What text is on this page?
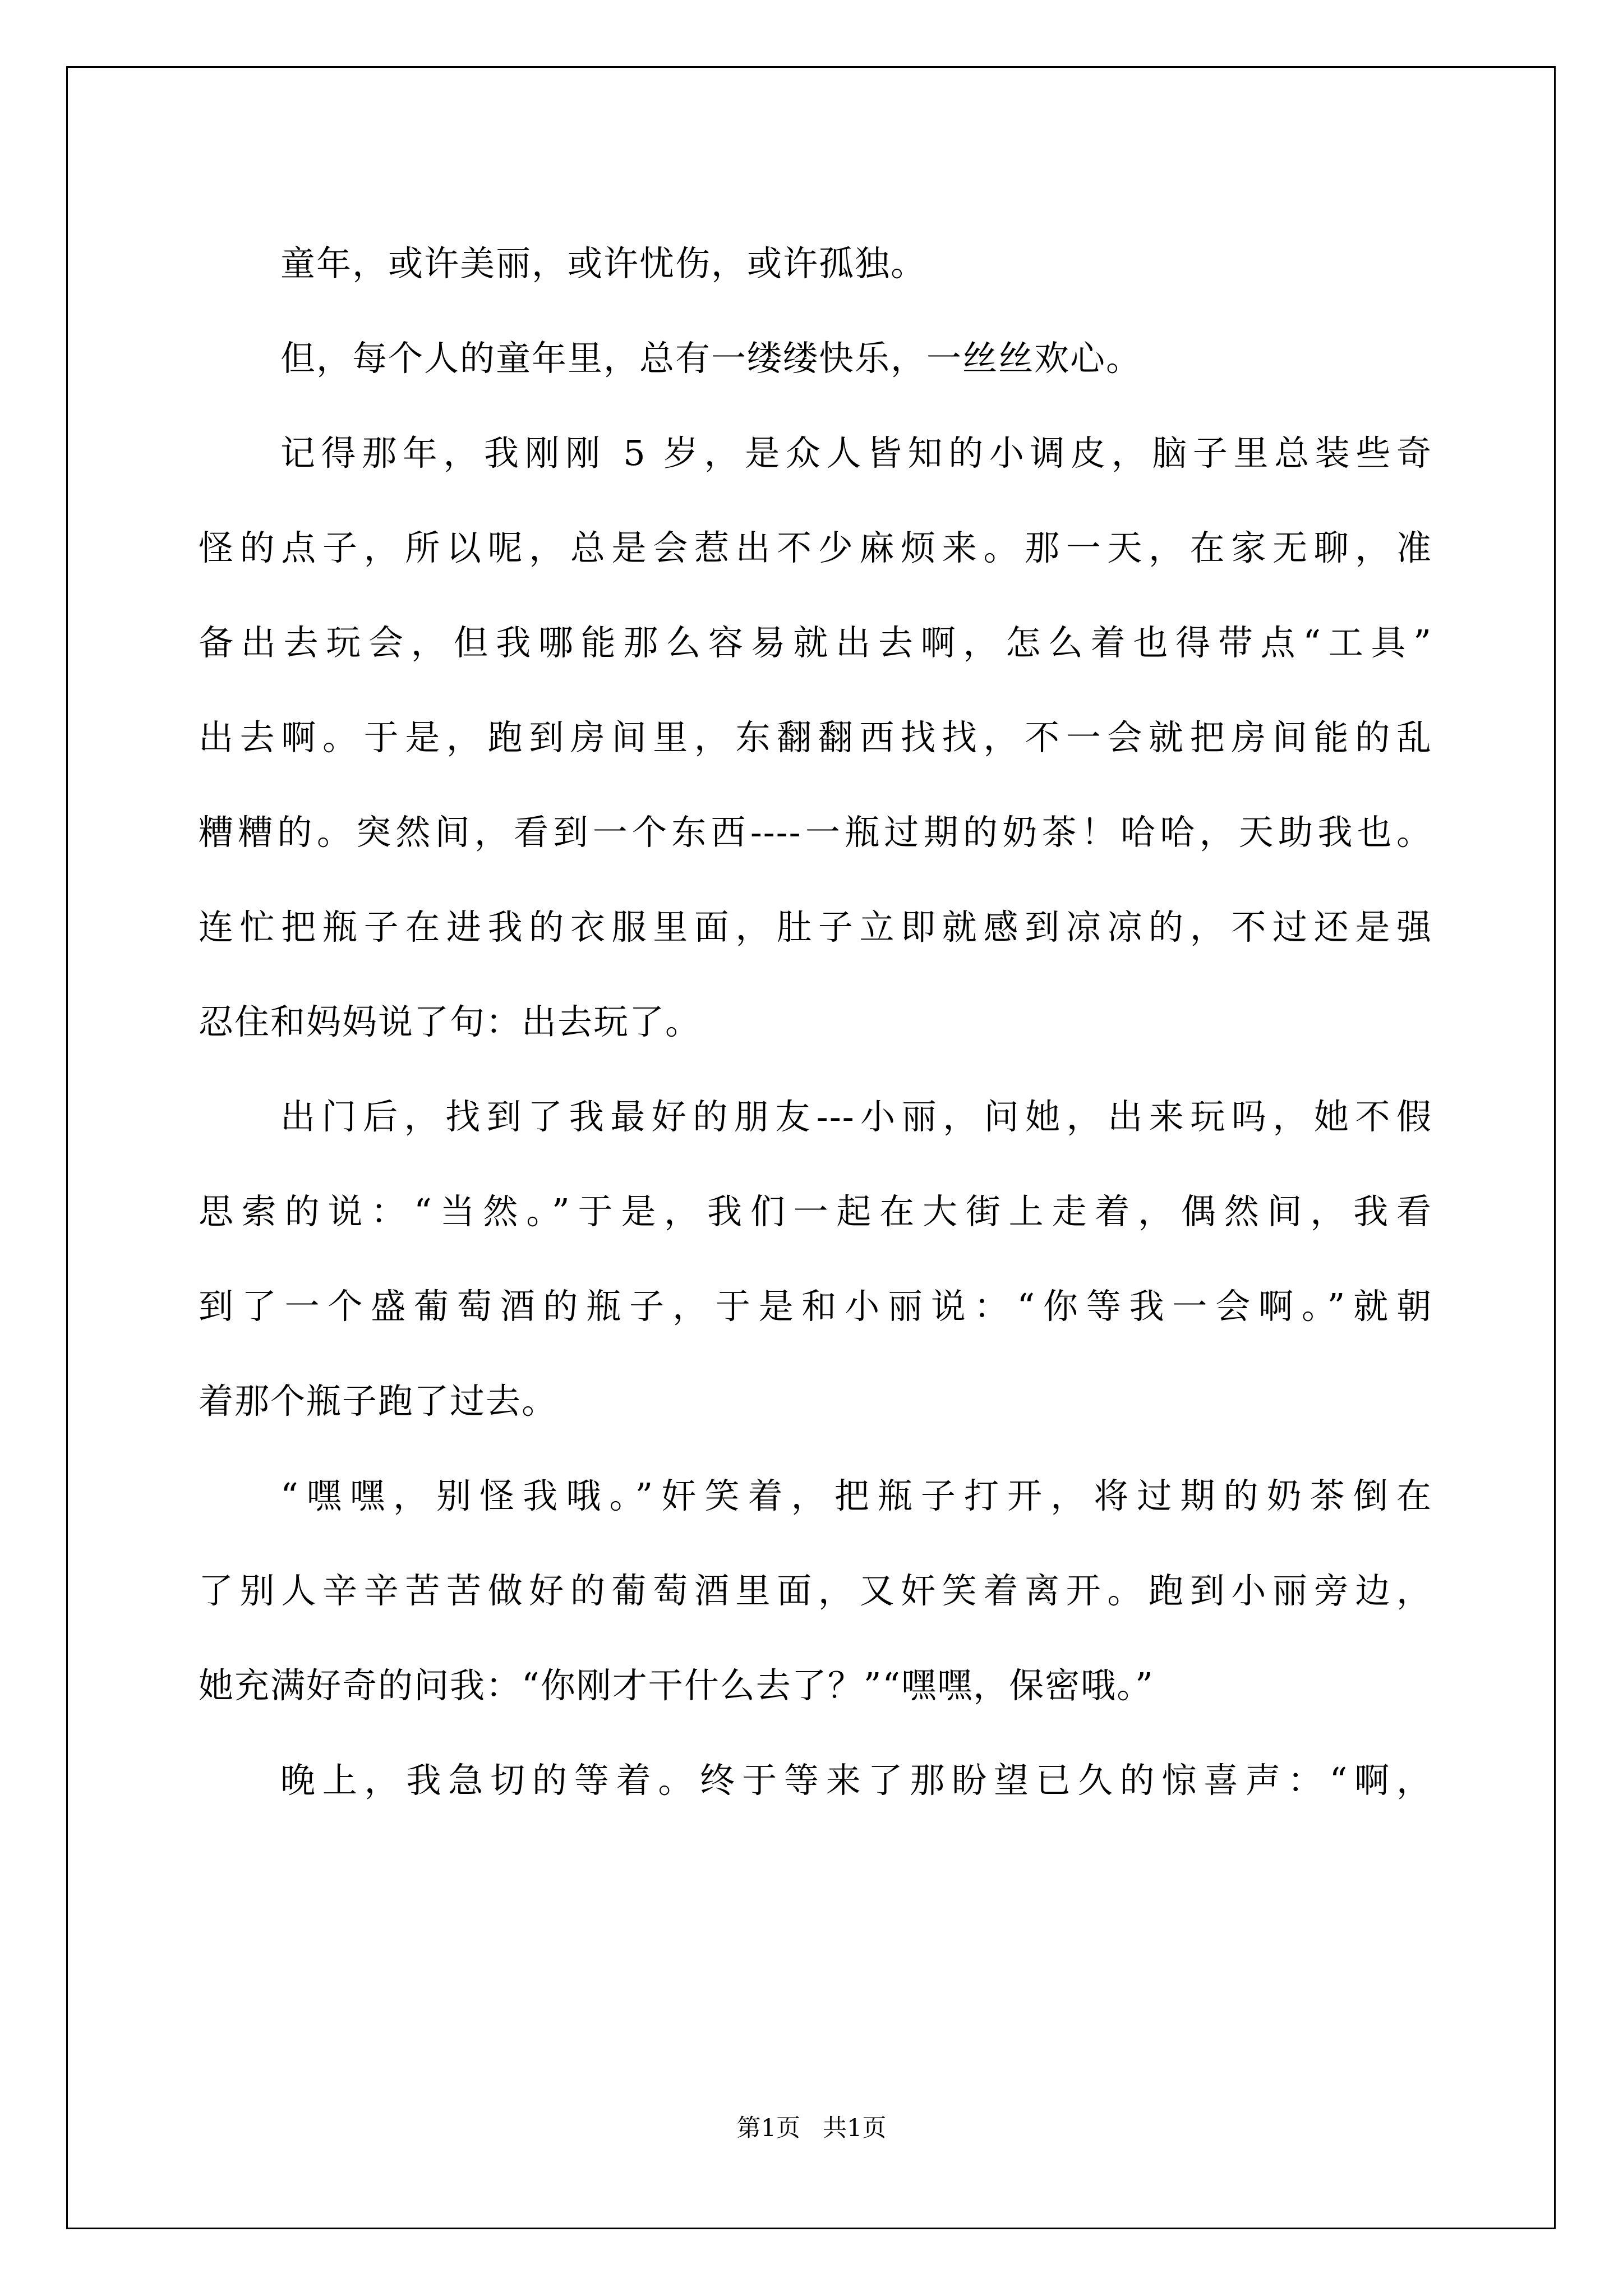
童年，或许美丽，或许忧伤，或许孤独。
但，每个人的童年里，总有一缕缕快乐，一丝丝欢心。
记得那年，我刚刚 5 岁，是众人皆知的小调皮，脑子里总装些奇
怪的点子，所以呢，总是会惹出不少麻烦来。那一天，在家无聊，准
备出去玩会，但我哪能那么容易就出去啊，怎么着也得带点“工具”
出去啊。于是，跑到房间里，东翻翻西找找，不一会就把房间能的乱
糟糟的。突然间，看到一个东西----一瓶过期的奶茶！哈哈，天助我也。
连忙把瓶子在进我的衣服里面，肚子立即就感到凉凉的，不过还是强
忍住和妈妈说了句：出去玩了。
出门后，找到了我最好的朋友---小丽，问她，出来玩吗，她不假
思索的说：“当然。”于是，我们一起在大街上走着，偶然间，我看
到了一个盛葡萄酒的瓶子，于是和小丽说：“你等我一会啊。”就朝
着那个瓶子跑了过去。
“嘿嘿，别怪我哦。”奸笑着，把瓶子打开，将过期的奶茶倒在
了别人辛辛苦苦做好的葡萄酒里面，又奸笑着离开。跑到小丽旁边，
她充满好奇的问我：“你刚才干什么去了？”“嘿嘿，保密哦。”
晚上，我急切的等着。终于等来了那盼望已久的惊喜声：“啊，
第1页 共1页
